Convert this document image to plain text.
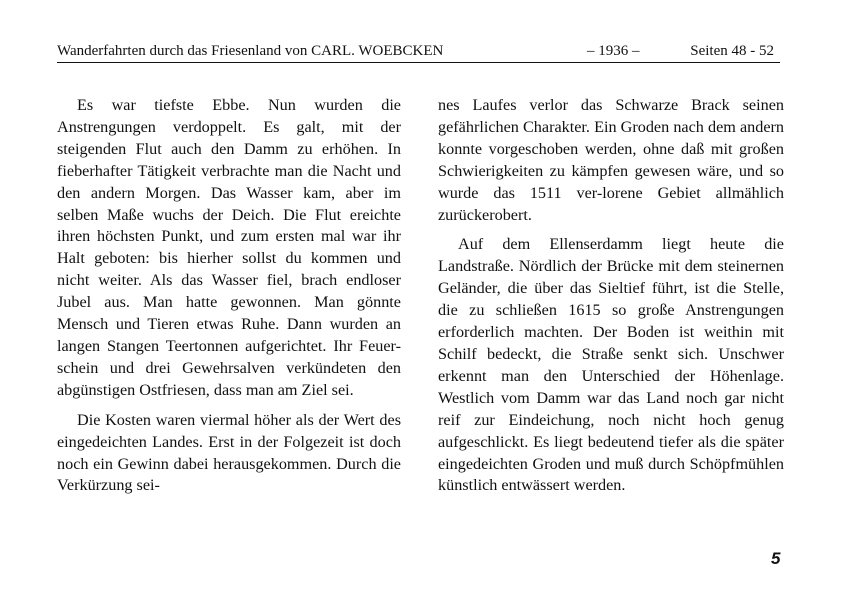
Wanderfahrten durch das Friesenland von CARL. WOEBCKEN	– 1936 –	Seiten 48 - 52

Es war tiefste Ebbe. Nun wurden die Anstrengungen verdoppelt. Es galt, mit der steigenden Flut auch den Damm zu erhöhen. In fieberhafter Tätigkeit verbrachte man die Nacht und den andern Morgen. Das Wasser kam, aber im selben Maße wuchs der Deich. Die Flut ereichte ihren höchsten Punkt, und zum ersten mal war ihr Halt geboten: bis hierher sollst du kommen und nicht weiter. Als das Wasser fiel, brach endloser Jubel aus. Man hatte gewonnen. Man gönnte Mensch und Tieren etwas Ruhe. Dann wurden an langen Stangen Teertonnen aufgerichtet. Ihr Feuer-schein und drei Gewehrsalven verkündeten den abgünstigen Ostfriesen, dass man am Ziel sei.

Die Kosten waren viermal höher als der Wert des eingedeichten Landes. Erst in der Folgezeit ist doch noch ein Gewinn dabei herausgekommen. Durch die Verkürzung sei-

nes Laufes verlor das Schwarze Brack seinen gefährlichen Charakter. Ein Groden nach dem andern konnte vorgeschoben werden, ohne daß mit großen Schwierigkeiten zu kämpfen gewesen wäre, und so wurde das 1511 ver-lorene Gebiet allmählich zurückerobert.

Auf dem Ellenserdamm liegt heute die Landstraße. Nördlich der Brücke mit dem steinernen Geländer, die über das Sieltief führt, ist die Stelle, die zu schließen 1615 so große Anstrengungen erforderlich machten. Der Boden ist weithin mit Schilf bedeckt, die Straße senkt sich. Unschwer erkennt man den Unterschied der Höhenlage. Westlich vom Damm war das Land noch gar nicht reif zur Eindeichung, noch nicht hoch genug aufgeschlickt. Es liegt bedeutend tiefer als die später eingedeichten Groden und muß durch Schöpfmühlen künstlich entwässert werden.

5
